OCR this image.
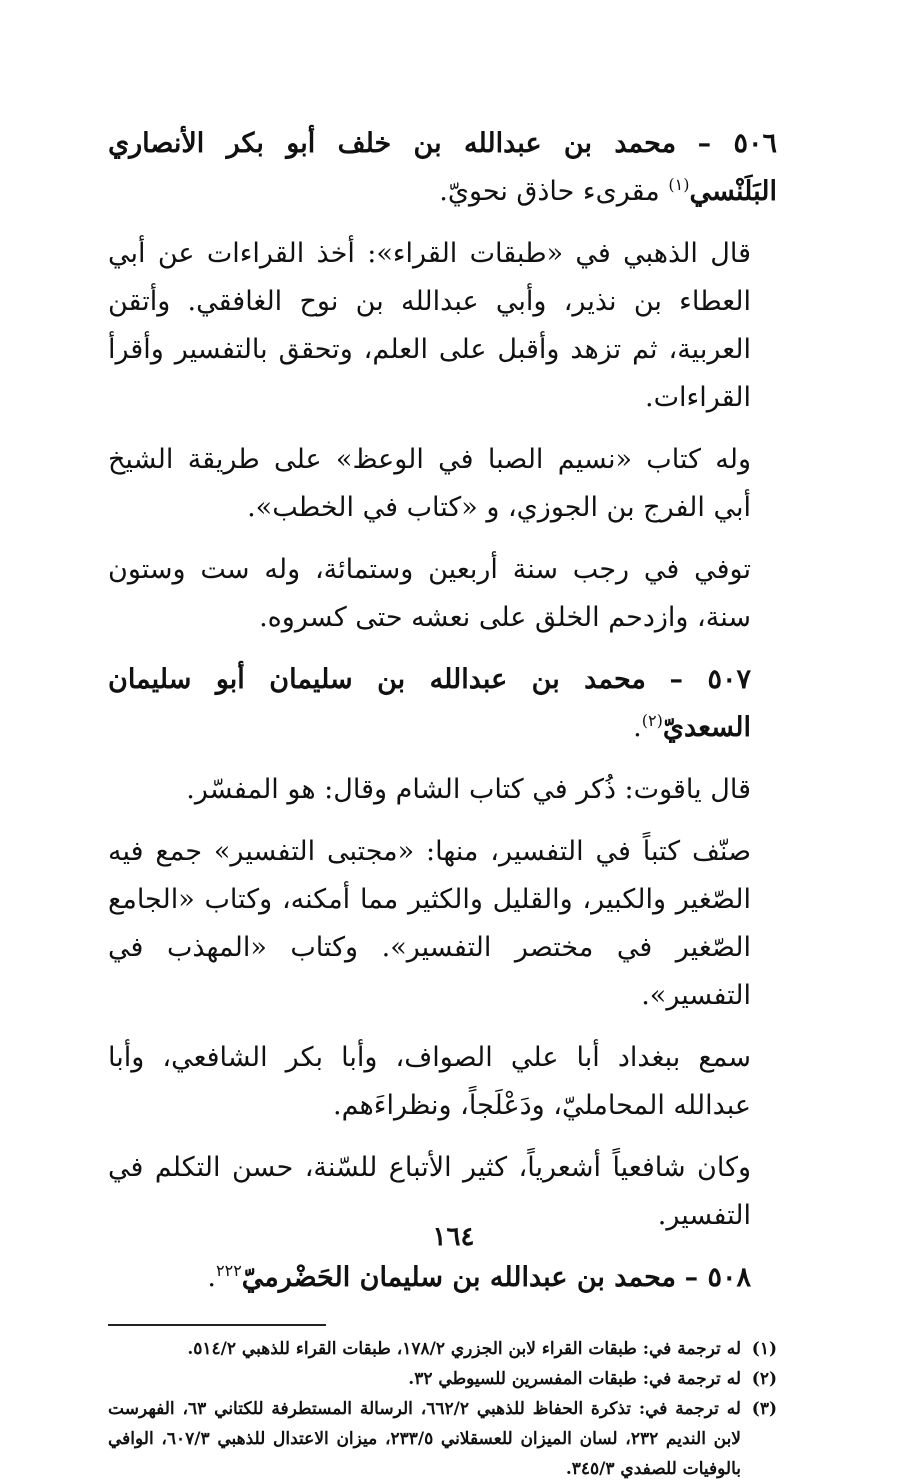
٥٠٦ – محمد بن عبدالله بن خلف أبو بكر الأنصاري البَلَنْسي$^{(١)}$ مقرىء حاذق نحويّ.

قال الذهبي في «طبقات القراء»: أخذ القراءات عن أبي العطاء بن نذير، وأبي عبدالله بن نوح الغافقي. وأتقن العربية، ثم تزهد وأقبل على العلم، وتحقق بالتفسير وأقرأ القراءات.

وله كتاب «نسيم الصبا في الوعظ» على طريقة الشيخ أبي الفرج بن الجوزي، و «كتاب في الخطب».

توفي في رجب سنة أربعين وستمائة، وله ست وستون سنة، وازدحم الخلق على نعشه حتى كسروه.

٥٠٧ – محمد بن عبدالله بن سليمان أبو سليمان السعديّ$^{(٢)}$.

قال ياقوت: ذُكر في كتاب الشام وقال: هو المفسّر.

صنّف كتباً في التفسير، منها: «مجتبى التفسير» جمع فيه الصّغير والكبير، والقليل والكثير مما أمكنه، وكتاب «الجامع الصّغير في مختصر التفسير». وكتاب «المهذب في التفسير».

سمع ببغداد أبا علي الصواف، وأبا بكر الشافعي، وأبا عبدالله المحامليّ، ودَعْلَجاً، ونظراءَهم.

وكان شافعياً أشعرياً، كثير الأتباع للسّنة، حسن التكلم في التفسير.

٥٠٨ – محمد بن عبدالله بن سليمان الحَضْرميّ$^{٢٢٢}$.

(١)
له ترجمة في: طبقات القراء لابن الجزري ١٧٨/٢، طبقات القراء للذهبي ٥١٤/٢.
(٢)
له ترجمة في: طبقات المفسرين للسيوطي ٣٢.
(٣)
له ترجمة في: تذكرة الحفاظ للذهبي ٦٦٢/٢، الرسالة المستطرفة للكتاني ٦٣، الفهرست لابن النديم ٢٣٢، لسان الميزان للعسقلاني ٢٣٣/٥، ميزان الاعتدال للذهبي ٦٠٧/٣، الوافي بالوفيات للصفدي ٣٤٥/٣.
١٦٤
